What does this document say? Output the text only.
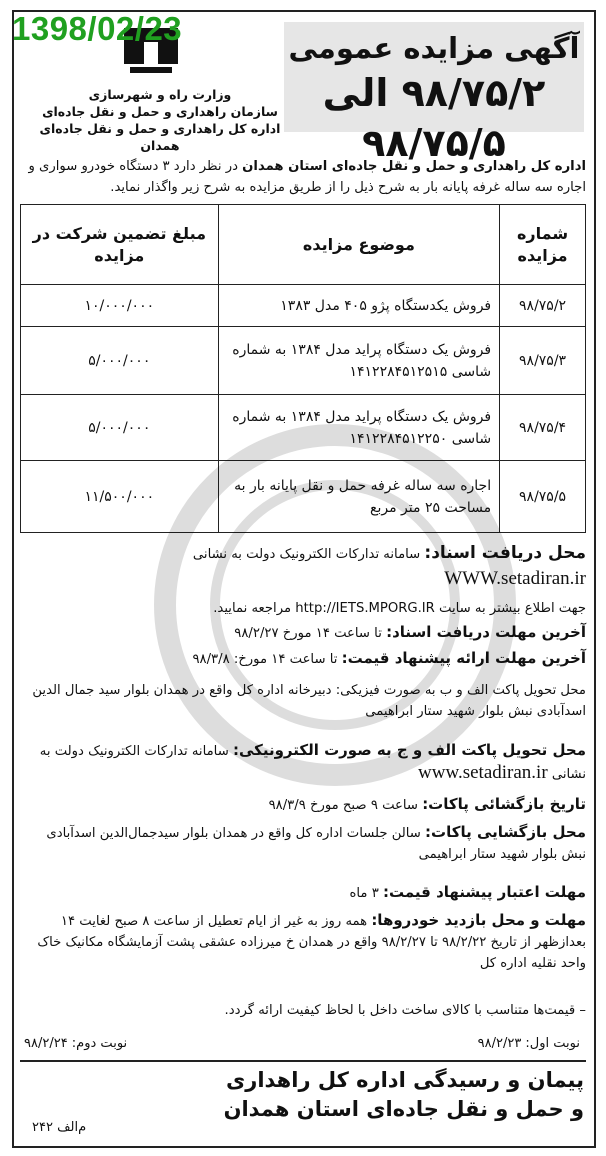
1398/02/23
آگهی مزایده عمومی
۹۸/۷۵/۲ الی ۹۸/۷۵/۵
وزارت راه و شهرسازی
سازمان راهداری و حمل و نقل جاده‌ای
اداره کل راهداری و حمل و نقل جاده‌ای همدان
اداره کل راهداری و حمل و نقل جاده‌ای استان همدان در نظر دارد ۳ دستگاه خودرو سواری و اجاره سه ساله غرفه پایانه بار به شرح ذیل را از طریق مزایده به شرح زیر واگذار نماید.
شماره مزایده	موضوع مزایده	مبلغ تضمین شرکت در مزایده
۹۸/۷۵/۲	فروش یکدستگاه پژو ۴۰۵ مدل ۱۳۸۳	۱۰/۰۰۰/۰۰۰
۹۸/۷۵/۳	فروش یک دستگاه پراید مدل ۱۳۸۴ به شماره شاسی ۱۴۱۲۲۸۴۵۱۲۵۱۵	۵/۰۰۰/۰۰۰
۹۸/۷۵/۴	فروش یک دستگاه پراید مدل ۱۳۸۴ به شماره شاسی ۱۴۱۲۲۸۴۵۱۲۲۵۰	۵/۰۰۰/۰۰۰
۹۸/۷۵/۵	اجاره سه ساله غرفه حمل و نقل پایانه بار به مساحت ۲۵ متر مربع	۱۱/۵۰۰/۰۰۰
محل دریافت اسناد: سامانه تدارکات الکترونیک دولت به نشانی
WWW.setadiran.ir
جهت اطلاع بیشتر به سایت http://IETS.MPORG.IR مراجعه نمایید.
آخرین مهلت دریافت اسناد: تا ساعت ۱۴ مورخ ۹۸/۲/۲۷
آخرین مهلت ارائه پیشنهاد قیمت: تا ساعت ۱۴ مورخ: ۹۸/۳/۸
محل تحویل پاکت الف و ب به صورت فیزیکی: دبیرخانه اداره کل واقع در همدان بلوار سید جمال الدین اسدآبادی نبش بلوار شهید ستار ابراهیمی
محل تحویل پاکت الف و ج به صورت الکترونیکی: سامانه تدارکات الکترونیک دولت به نشانی www.setadiran.ir
تاریخ بازگشائی پاکات: ساعت ۹ صبح مورخ ۹۸/۳/۹
محل بازگشایی پاکات: سالن جلسات اداره کل واقع در همدان بلوار سیدجمال‌الدین اسدآبادی نبش بلوار شهید ستار ابراهیمی
مهلت اعتبار پیشنهاد قیمت: ۳ ماه
مهلت و محل بازدید خودروها: همه روز به غیر از ایام تعطیل از ساعت ۸ صبح لغایت ۱۴ بعدازظهر از تاریخ ۹۸/۲/۲۲ تا ۹۸/۲/۲۷ واقع در همدان خ میرزاده عشقی پشت آزمایشگاه مکانیک خاک واحد نقلیه اداره کل
– قیمت‌ها متناسب با کالای ساخت داخل با لحاظ کیفیت ارائه گردد.
نوبت اول: ۹۸/۲/۲۳
نوبت دوم: ۹۸/۲/۲۴
پیمان و رسیدگی اداره کل راهداری
و حمل و نقل جاده‌ای استان همدان
م‌الف ۲۴۲
